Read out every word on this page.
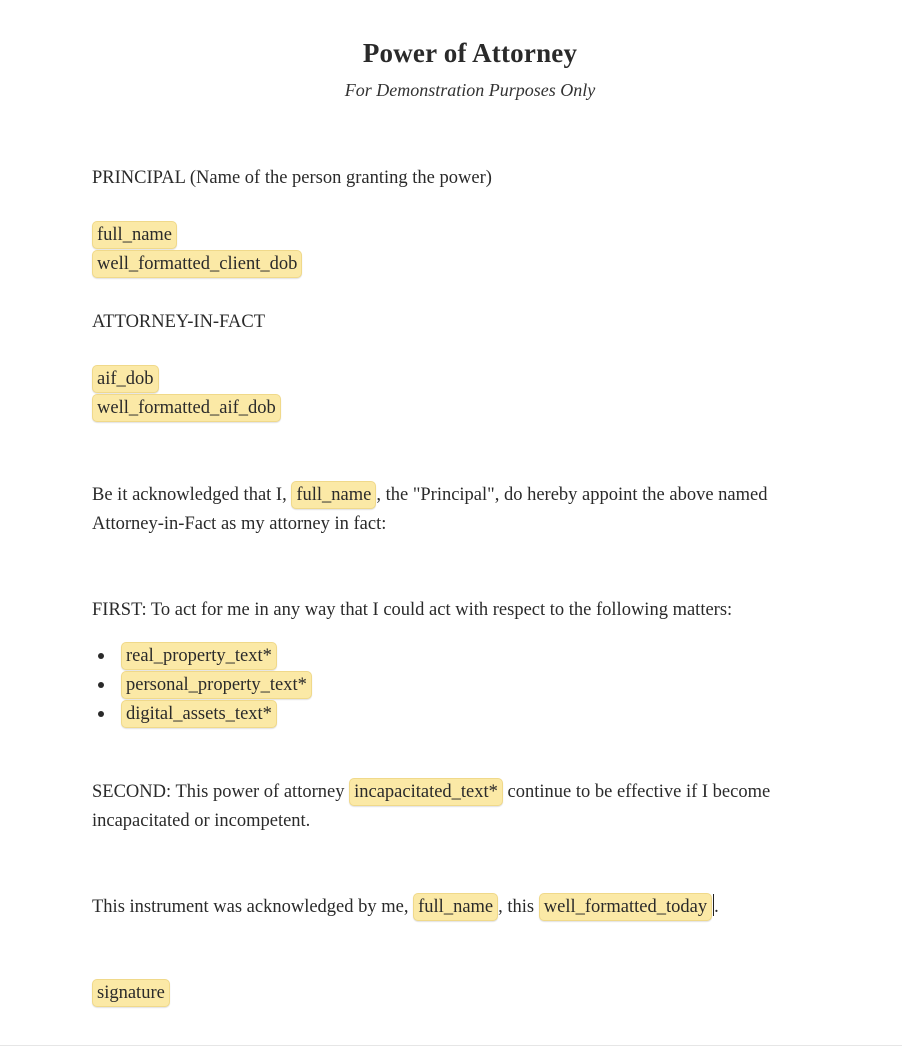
Power of Attorney
For Demonstration Purposes Only
PRINCIPAL (Name of the person granting the power)
full_name
well_formatted_client_dob
ATTORNEY-IN-FACT
aif_dob
well_formatted_aif_dob
Be it acknowledged that I, full_name , the "Principal", do hereby appoint the above named
Attorney-in-Fact as my attorney in fact:
FIRST: To act for me in any way that I could act with respect to the following matters:
real_property_text*
personal_property_text*
digital_assets_text*
SECOND: This power of attorney incapacitated_text* continue to be effective if I become
incapacitated or incompetent.
This instrument was acknowledged by me, full_name , this well_formatted_today .
signature
